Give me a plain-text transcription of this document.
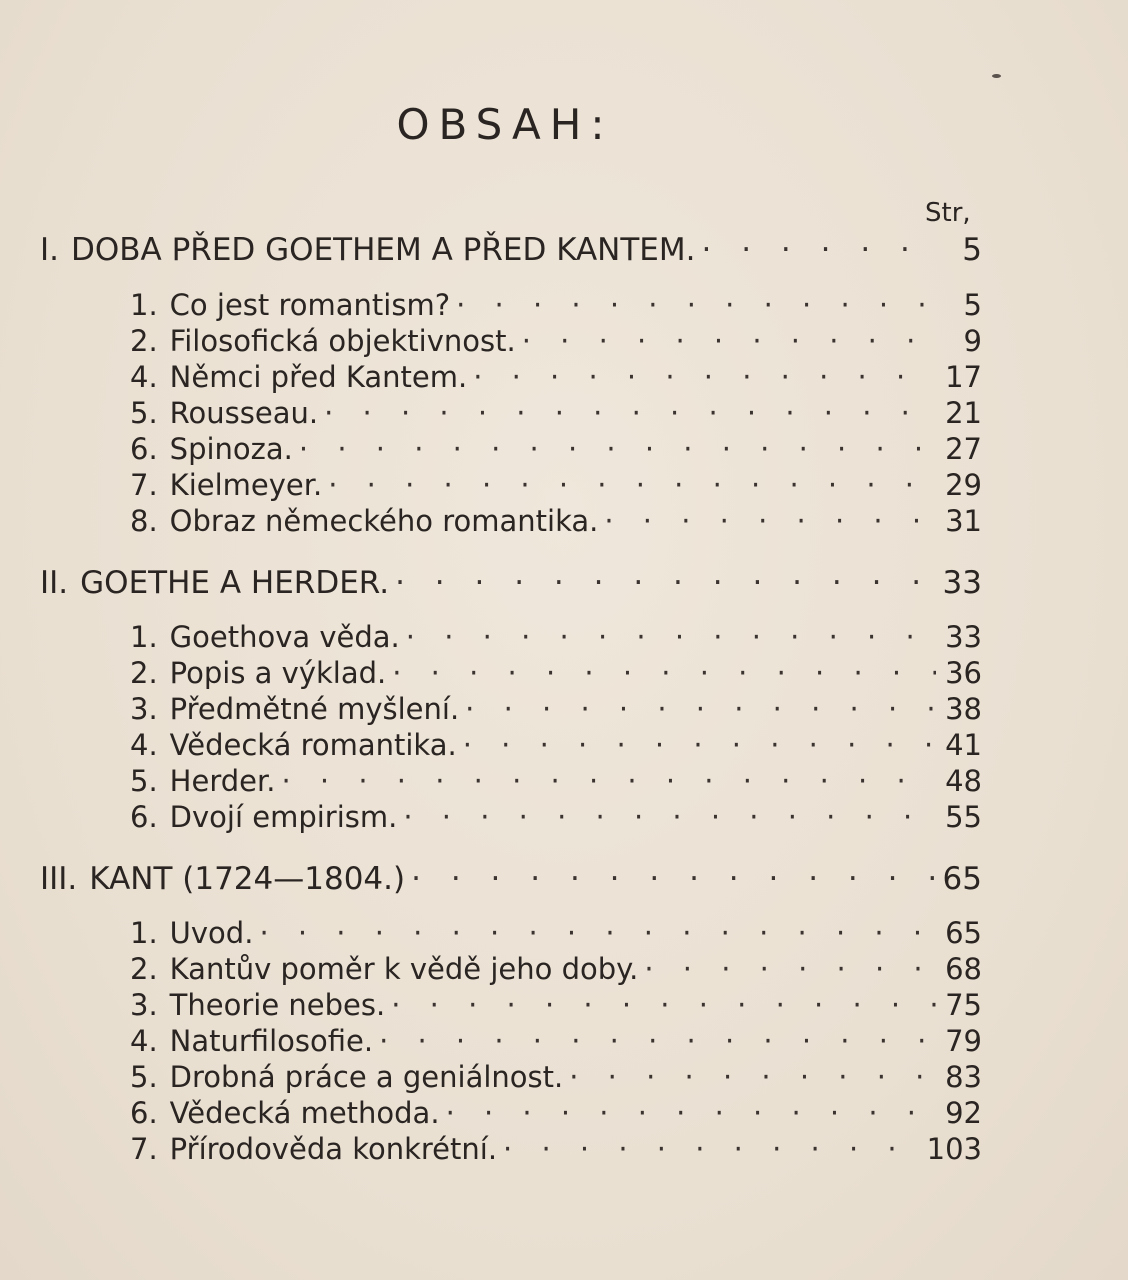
OBSAH:
Str,
I. DOBA PŘED GOETHEM A PŘED KANTEM. · · ·	5
1. Co jest romantism? · · ·	5
2. Filosofická objektivnost. · · ·	9
4. Němci před Kantem. · · ·	17
5. Rousseau. · · ·	21
6. Spinoza. · · ·	27
7. Kielmeyer. · · ·	29
8. Obraz německého romantika. · · ·	31
II. GOETHE A HERDER. · · ·	33
1. Goethova věda. · · ·	33
2. Popis a výklad. · · ·	36
3. Předmětné myšlení. · · ·	38
4. Vědecká romantika. · · ·	41
5. Herder. · · ·	48
6. Dvojí empirism. · · ·	55
III. KANT (1724—1804.) · · ·	65
1. Uvod. · · ·	65
2. Kantův poměr k vědě jeho doby. · · ·	68
3. Theorie nebes. · · ·	75
4. Naturfilosofie. · · ·	79
5. Drobná práce a geniálnost. · · ·	83
6. Vědecká methoda. · · ·	92
7. Přírodověda konkrétní. · · ·	103
